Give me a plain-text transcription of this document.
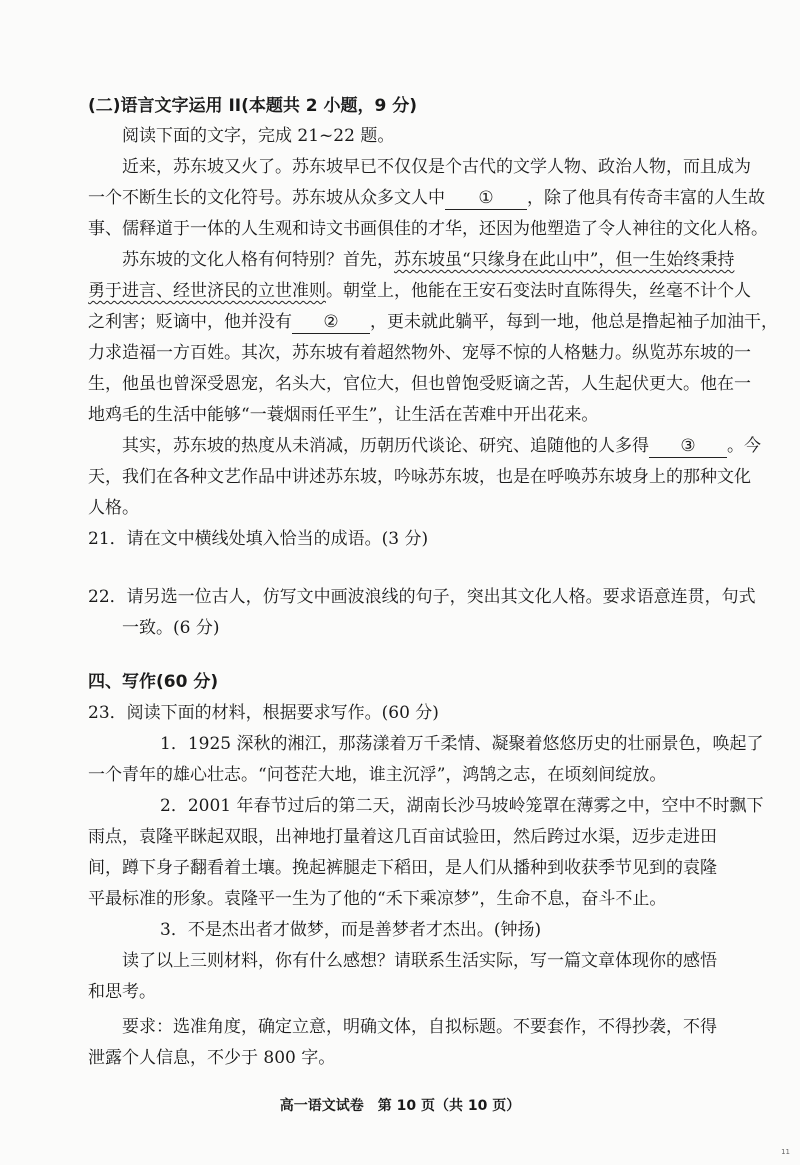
(二)语言文字运用 II(本题共 2 小题，9 分)
阅读下面的文字，完成 21~22 题。
近来，苏东坡又火了。苏东坡早已不仅仅是个古代的文学人物、政治人物，而且成为
一个不断生长的文化符号。苏东坡从众多文人中 ① ，除了他具有传奇丰富的人生故
事、儒释道于一体的人生观和诗文书画俱佳的才华，还因为他塑造了令人神往的文化人格。
苏东坡的文化人格有何特别？首先，苏东坡虽“只缘身在此山中”，但一生始终秉持
勇于进言、经世济民的立世准则。朝堂上，他能在王安石变法时直陈得失，丝毫不计个人
之利害；贬谪中，他并没有 ② ，更未就此躺平，每到一地，他总是撸起袖子加油干，
力求造福一方百姓。其次，苏东坡有着超然物外、宠辱不惊的人格魅力。纵览苏东坡的一
生，他虽也曾深受恩宠，名头大，官位大，但也曾饱受贬谪之苦，人生起伏更大。他在一
地鸡毛的生活中能够“一蓑烟雨任平生”，让生活在苦难中开出花来。
其实，苏东坡的热度从未消减，历朝历代谈论、研究、追随他的人多得 ③ 。今
天，我们在各种文艺作品中讲述苏东坡，吟咏苏东坡，也是在呼唤苏东坡身上的那种文化
人格。
21．请在文中横线处填入恰当的成语。(3 分)
22．请另选一位古人，仿写文中画波浪线的句子，突出其文化人格。要求语意连贯，句式
一致。(6 分)
四、写作(60 分)
23．阅读下面的材料，根据要求写作。(60 分)
1．1925 深秋的湘江，那荡漾着万千柔情、凝聚着悠悠历史的壮丽景色，唤起了
一个青年的雄心壮志。“问苍茫大地，谁主沉浮”，鸿鹄之志，在顷刻间绽放。
2．2001 年春节过后的第二天，湖南长沙马坡岭笼罩在薄雾之中，空中不时飘下
雨点，袁隆平眯起双眼，出神地打量着这几百亩试验田，然后跨过水渠，迈步走进田
间，蹲下身子翻看着土壤。挽起裤腿走下稻田，是人们从播种到收获季节见到的袁隆
平最标准的形象。袁隆平一生为了他的“禾下乘凉梦”，生命不息，奋斗不止。
3．不是杰出者才做梦，而是善梦者才杰出。(钟扬)
读了以上三则材料，你有什么感想？请联系生活实际，写一篇文章体现你的感悟
和思考。
要求：选准角度，确定立意，明确文体，自拟标题。不要套作，不得抄袭，不得
泄露个人信息，不少于 800 字。
高一语文试卷　第 10 页（共 10 页）
11
